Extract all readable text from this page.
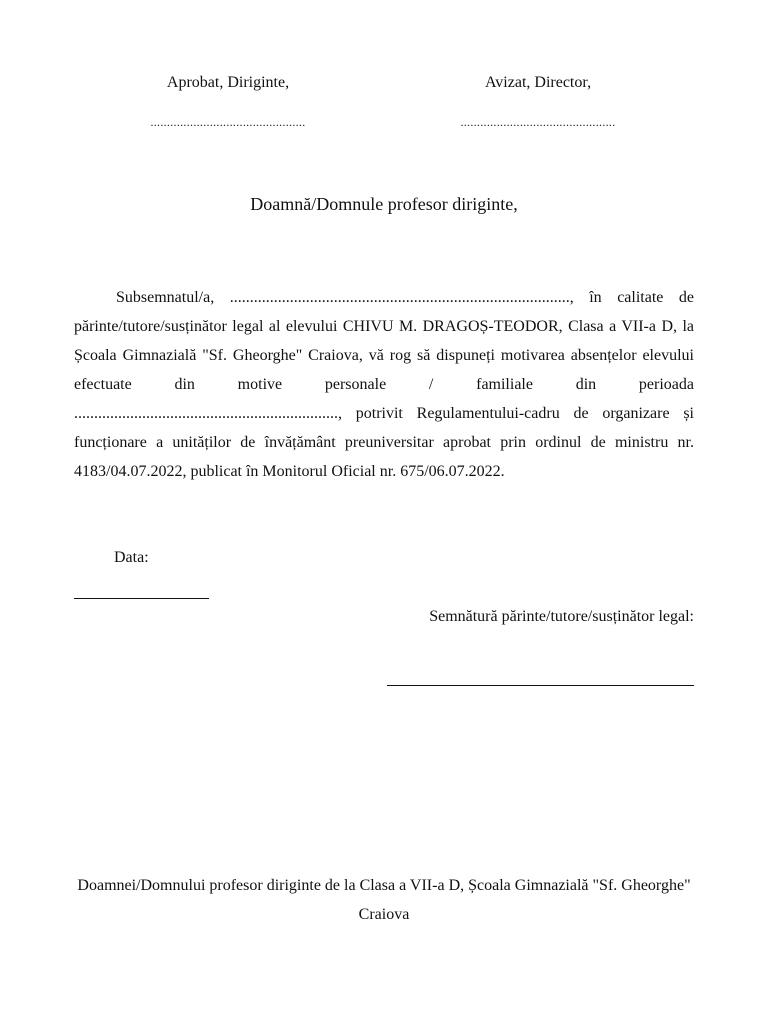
Aprobat, Diriginte,
...............................................
Avizat, Director,
...............................................
Doamnă/Domnule profesor diriginte,

Subsemnatul/a, ....................................................................................., în calitate de părinte/tutore/susținător legal al elevului CHIVU M. DRAGOȘ-TEODOR, Clasa a VII-a D, la Școala Gimnazială "Sf. Gheorghe" Craiova, vă rog să dispuneți motivarea absențelor elevului efectuate din motive personale / familiale din perioada .................................................................., potrivit Regulamentului-cadru de organizare și funcționare a unităților de învățământ preuniversitar aprobat prin ordinul de ministru nr. 4183/04.07.2022, publicat în Monitorul Oficial nr. 675/06.07.2022.

Data:
Semnătură părinte/tutore/susținător legal:

Doamnei/Domnului profesor diriginte de la Clasa a VII-a D, Școala Gimnazială "Sf. Gheorghe" Craiova
